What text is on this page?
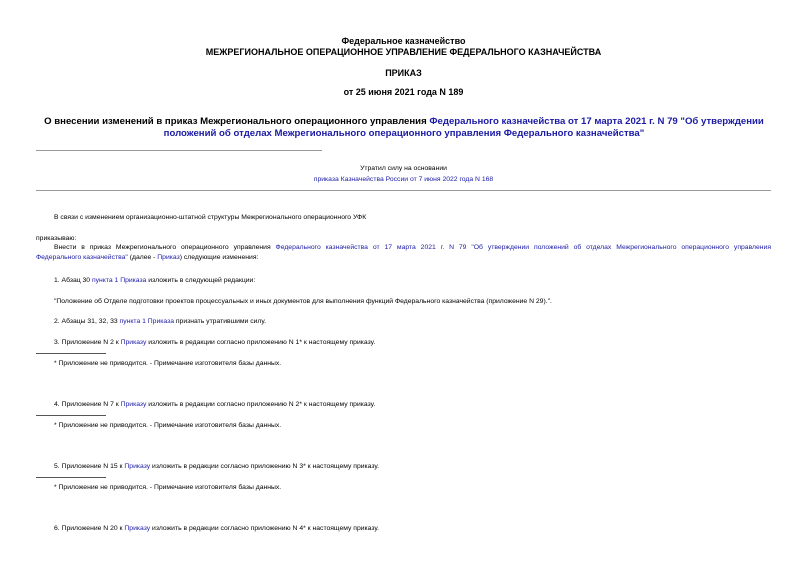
Федеральное казначейство
МЕЖРЕГИОНАЛЬНОЕ ОПЕРАЦИОННОЕ УПРАВЛЕНИЕ ФЕДЕРАЛЬНОГО КАЗНАЧЕЙСТВА
ПРИКАЗ
от 25 июня 2021 года N 189
О внесении изменений в приказ Межрегионального операционного управления Федерального казначейства от 17 марта 2021 г. N 79 "Об утверждении положений об отделах Межрегионального операционного управления Федерального казначейства"
Утратил силу на основании
приказа Казначейства России от 7 июня 2022 года N 168
В связи с изменением организационно-штатной структуры Межрегионального операционного УФК
приказываю:
Внести в приказ Межрегионального операционного управления Федерального казначейства от 17 марта 2021 г. N 79 "Об утверждении положений об отделах Межрегионального операционного управления
Федерального казначейства" (далее - Приказ) следующие изменения:
1. Абзац 30 пункта 1 Приказа изложить в следующей редакции:
"Положение об Отделе подготовки проектов процессуальных и иных документов для выполнения функций Федерального казначейства (приложение N 29).".
2. Абзацы 31, 32, 33 пункта 1 Приказа признать утратившими силу.
3. Приложение N 2 к Приказу изложить в редакции согласно приложению N 1* к настоящему приказу.
* Приложение не приводится. - Примечание изготовителя базы данных.
4. Приложение N 7 к Приказу изложить в редакции согласно приложению N 2* к настоящему приказу.
* Приложение не приводится. - Примечание изготовителя базы данных.
5. Приложение N 15 к Приказу изложить в редакции согласно приложению N 3* к настоящему приказу.
* Приложение не приводится. - Примечание изготовителя базы данных.
6. Приложение N 20 к Приказу изложить в редакции согласно приложению N 4* к настоящему приказу.
